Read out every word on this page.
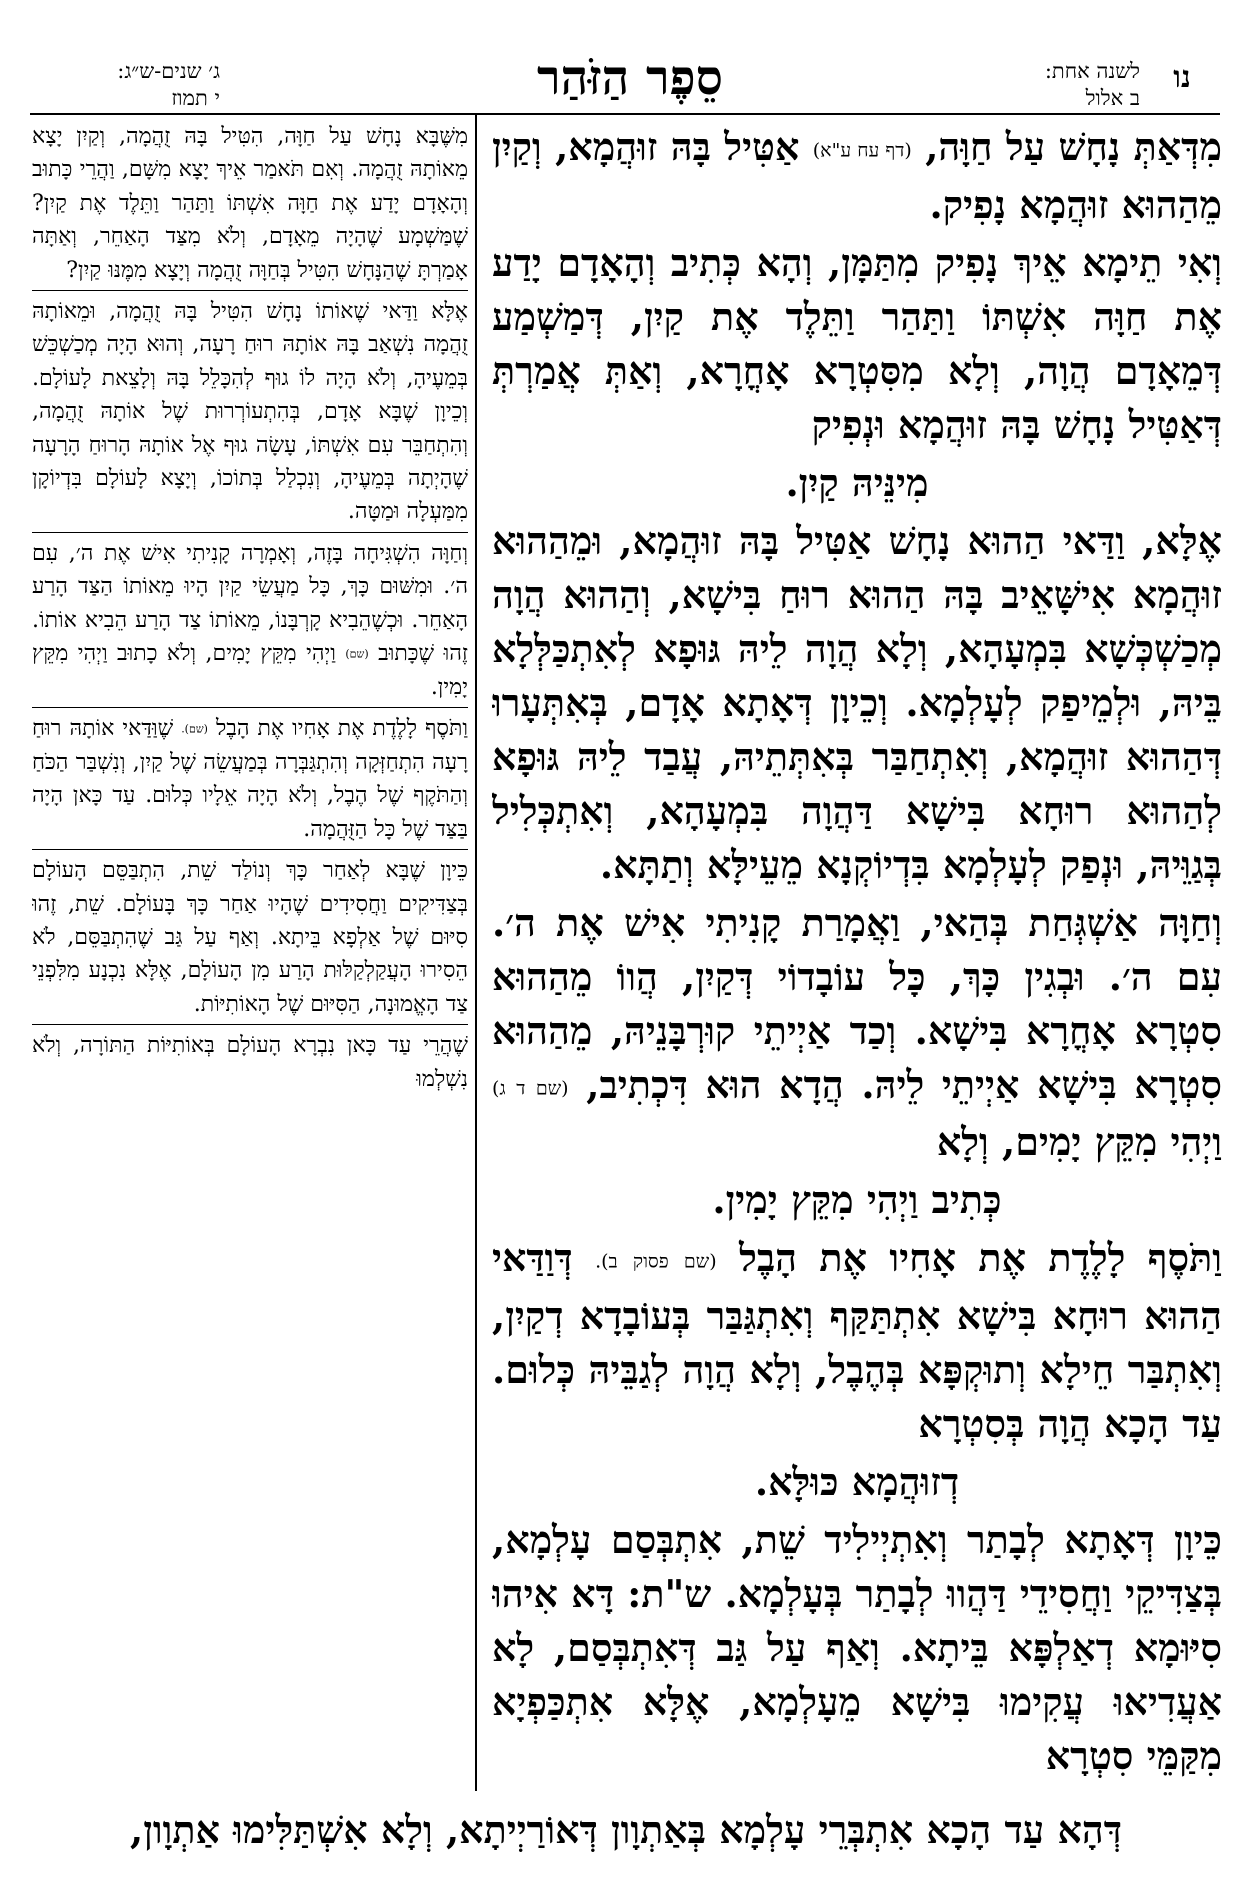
נו
לשנה אחת:
ב אלול
סֵפֶר הַזֹּהַר
ג׳ שנים-ש״ג:
י תמוז

מִדְּאַתְּ נָחָשׁ עַל חַוָּה, (דף עח ע"א) אַטִּיל בָּהּ זוּהֲמָא, וְקַיִן מֵהַהוּא זוּהֲמָא נָפִיק.

וְאִי תֵימָא אֵיךְ נָפִיק מִתַּמָּן, וְהָא כְּתִיב וְהָאָדָם יָדַע אֶת חַוָּה אִשְׁתּוֹ וַתַּהַר וַתֵּלֶד אֶת קַיִן, דְּמַשְׁמַע דְּמֵאָדָם הֲוָה, וְלָא מִסִּטְרָא אָחֳרָא, וְאַתְּ אֲמַרְתְּ דְּאַטִּיל נָחָשׁ בָּהּ זוּהֲמָא וּנְפִיק

מִינֵּיהּ קַיִן.

אֶלָּא, וַדַּאי הַהוּא נָחָשׁ אַטִּיל בָּהּ זוּהֲמָא, וּמֵהַהוּא זוּהֲמָא אִישָּׁאֵיב בָּהּ הַהוּא רוּחַ בִּישָׁא, וְהַהוּא הֲוָה מְכַשְׁכְּשָׁא בִּמְעָהָא, וְלָא הֲוָה לֵיהּ גּוּפָא לְאִתְכַּלְּלָא בֵּיהּ, וּלְמֵיפַק לְעָלְמָא. וְכֵיוָן דְּאָתָא אָדָם, בְּאִתְּעָרוּ דְּהַהוּא זוּהֲמָא, וְאִתְחַבַּר בְּאִתְּתֵיהּ, עֲבַד לֵיהּ גּוּפָא לְהַהוּא רוּחָא בִּישָׁא דַּהֲוָה בִּמְעָהָא, וְאִתְכְּלִיל בְּגַוֵּיהּ, וּנְפַק לְעָלְמָא בִּדְיוֹקְנָא מֵעֵילָּא וְתַתָּא.

וְחַוָּה אַשְׁגְּחַת בְּהַאי, וַאֲמָרַת קָנִיתִי אִישׁ אֶת ה׳. עִם ה׳. וּבְגִין כָּךְ, כָּל עוֹבָדוֹי דְּקַיִן, הֲווֹ מֵהַהוּא סִטְרָא אָחֳרָא בִּישָׁא. וְכַד אַיְיתֵי קוּרְבָּנֵיהּ, מֵהַהוּא סִטְרָא בִּישָׁא אַיְיתֵי לֵיהּ. הֲדָא הוּא דִּכְתִיב, (שם ד ג) וַיְהִי מִקֵּץ יָמִים, וְלָא

כְּתִיב וַיְהִי מִקֵּץ יָמִין.

וַתֹּסֶף לָלֶדֶת אֶת אָחִיו אֶת הָבֶל (שם פסוק ב). דְּוַדַּאי הַהוּא רוּחָא בִּישָׁא אִתְתַּקַּף וְאִתְגַּבַּר בְּעוֹבָדָא דְקַיִן, וְאִתְבַּר חֵילָא וְתוּקְפָּא בְּהֶבֶל, וְלָא הֲוָה לְגַבֵּיהּ כְּלוּם. עַד הָכָא הֲוָה בְּסִטְרָא

דְזוּהֲמָא כּוּלָּא.

כֵּיוָן דְּאָתָא לְבָתַר וְאִתְיְילִיד שֵׁת, אִתְבְּסַם עָלְמָא, בְּצַדִּיקֵי וַחֲסִידֵי דַּהֲווּ לְבָתַר בְּעָלְמָא. ש"ת: דָּא אִיהוּ סִיּוּמָא דְאַלְפָּא בֵּיתָא. וְאַף עַל גַּב דְּאִתְבְּסַם, לָא אַעֲדִיאוּ עֲקִימוּ בִּישָׁא מֵעָלְמָא, אֶלָּא אִתְכַּפְיָא מִקַּמֵּי סִטְרָא

מִשֶּׁבָּא נָחָשׁ עַל חַוָּה, הִטִּיל בָּהּ זֻהֲמָה, וְקַיִן יָצָא מֵאוֹתָהּ זֻהֲמָה. וְאִם תֹּאמַר אֵיךְ יָצָא מִשָּׁם, וַהֲרֵי כָּתוּב וְהָאָדָם יָדַע אֶת חַוָּה אִשְׁתּוֹ וַתַּהַר וַתֵּלֶד אֶת קַיִן? שֶׁמַּשְׁמָע שֶׁהָיָה מֵאָדָם, וְלֹא מִצַּד הָאַחֵר, וְאַתָּה אָמַרְתָּ שֶׁהַנָּחָשׁ הִטִּיל בְּחַוָּה זֻהֲמָה וְיָצָא מִמֶּנּוּ קַיִן?

אֶלָּא וַדַּאי שֶׁאוֹתוֹ נָחָשׁ הִטִּיל בָּהּ זֻהֲמָה, וּמֵאוֹתָהּ זֻהֲמָה נִשְׁאַב בָּהּ אוֹתָהּ רוּחַ רָעָה, וְהוּא הָיָה מְכַשְׁכֵּשׁ בְּמֵעֶיהָ, וְלֹא הָיָה לוֹ גוּף לְהִכָּלֵל בָּהּ וְלָצֵאת לָעוֹלָם. וְכֵיוָן שֶׁבָּא אָדָם, בְּהִתְעוֹרְרוּת שֶׁל אוֹתָהּ זֻהֲמָה, וְהִתְחַבֵּר עִם אִשְׁתּוֹ, עָשָׂה גוּף אֶל אוֹתָהּ הָרוּחַ הָרָעָה שֶׁהָיְתָה בְּמֵעֶיהָ, וְנִכְלַל בְּתוֹכוֹ, וְיָצָא לָעוֹלָם בִּדְיוֹקָן מִמַּעְלָה וּמַטָּה.

וְחַוָּה הִשְׁגִּיחָה בָּזֶה, וְאָמְרָה קָנִיתִי אִישׁ אֶת ה׳, עִם ה׳. וּמִשּׁוּם כָּךְ, כָּל מַעֲשֵׂי קַיִן הָיוּ מֵאוֹתוֹ הַצַּד הָרַע הָאַחֵר. וּכְשֶׁהֵבִיא קָרְבָּנוֹ, מֵאוֹתוֹ צַד הָרַע הֵבִיא אוֹתוֹ. זֶהוּ שֶׁכָּתוּב (שם) וַיְהִי מִקֵּץ יָמִים, וְלֹא כָתוּב וַיְהִי מִקֵּץ יָמִין.

וַתֹּסֶף לָלֶדֶת אֶת אָחִיו אֶת הָבֶל (שם). שֶׁוַּדַּאי אוֹתָהּ רוּחַ רָעָה הִתְחַזְּקָה וְהִתְגַּבְּרָה בְּמַעֲשֵׂה שֶׁל קַיִן, וְנִשְׁבַּר הַכֹּחַ וְהַתֹּקֶף שֶׁל הֶבֶל, וְלֹא הָיָה אֵלָיו כְּלוּם. עַד כָּאן הָיָה בַּצַּד שֶׁל כָּל הַזֻּהֲמָה.

כֵּיוָן שֶׁבָּא לְאַחַר כָּךְ וְנוֹלַד שֵׁת, הִתְבַּסֵּם הָעוֹלָם בְּצַדִּיקִים וַחֲסִידִים שֶׁהָיוּ אַחַר כָּךְ בָּעוֹלָם. שֵׁת, זֶהוּ סִיּוּם שֶׁל אַלְפָא בֵּיתָא. וְאַף עַל גַּב שֶׁהִתְבַּסֵּם, לֹא הֵסִירוּ הָעֲקַלְקַלּוּת הָרַע מִן הָעוֹלָם, אֶלָּא נִכְנָע מִלִּפְנֵי צַד הָאֱמוּנָה, הַסִּיּוּם שֶׁל הָאוֹתִיּוֹת.

שֶׁהֲרֵי עַד כָּאן נִבְרָא הָעוֹלָם בְּאוֹתִיּוֹת הַתּוֹרָה, וְלֹא נִשְׁלְמוּ

דְּהָא עַד הָכָא אִתְבְּרֵי עָלְמָא בְּאַתְוָון דְּאוֹרַיְיתָא, וְלָא אִשְׁתַּלִּימוּ אַתְוָון,
